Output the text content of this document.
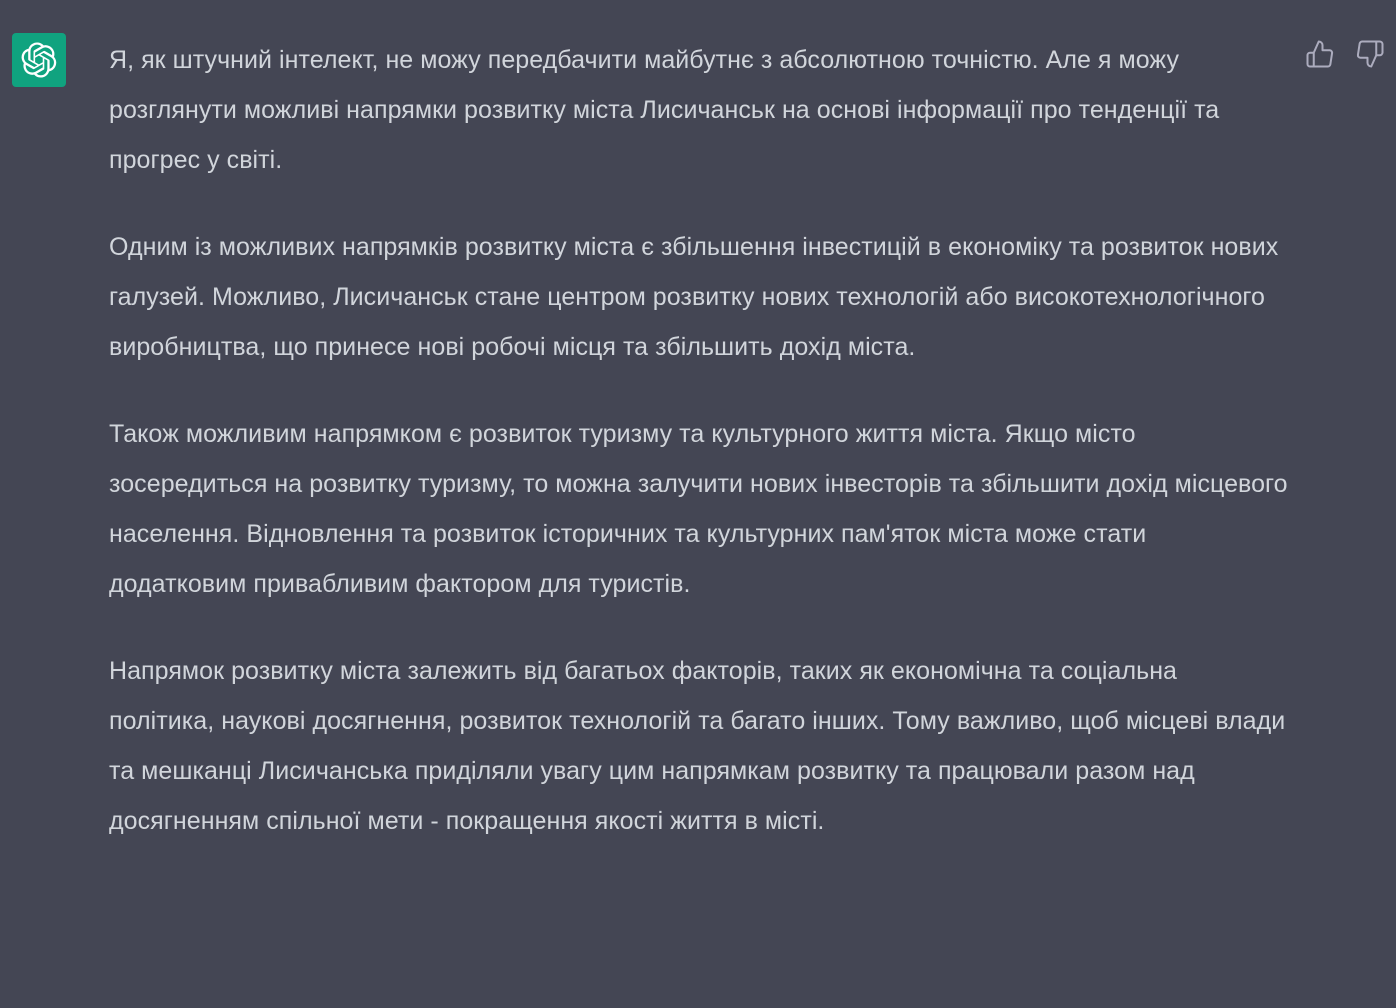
Я, як штучний інтелект, не можу передбачити майбутнє з абсолютною точністю. Але я можу розглянути можливі напрямки розвитку міста Лисичанськ на основі інформації про тенденції та прогрес у світі.

Одним із можливих напрямків розвитку міста є збільшення інвестицій в економіку та розвиток нових галузей. Можливо, Лисичанськ стане центром розвитку нових технологій або високотехнологічного виробництва, що принесе нові робочі місця та збільшить дохід міста.

Також можливим напрямком є розвиток туризму та культурного життя міста. Якщо місто зосередиться на розвитку туризму, то можна залучити нових інвесторів та збільшити дохід місцевого населення. Відновлення та розвиток історичних та культурних пам'яток міста може стати додатковим привабливим фактором для туристів.

Напрямок розвитку міста залежить від багатьох факторів, таких як економічна та соціальна політика, наукові досягнення, розвиток технологій та багато інших. Тому важливо, щоб місцеві влади та мешканці Лисичанська приділяли увагу цим напрямкам розвитку та працювали разом над досягненням спільної мети - покращення якості життя в місті.
